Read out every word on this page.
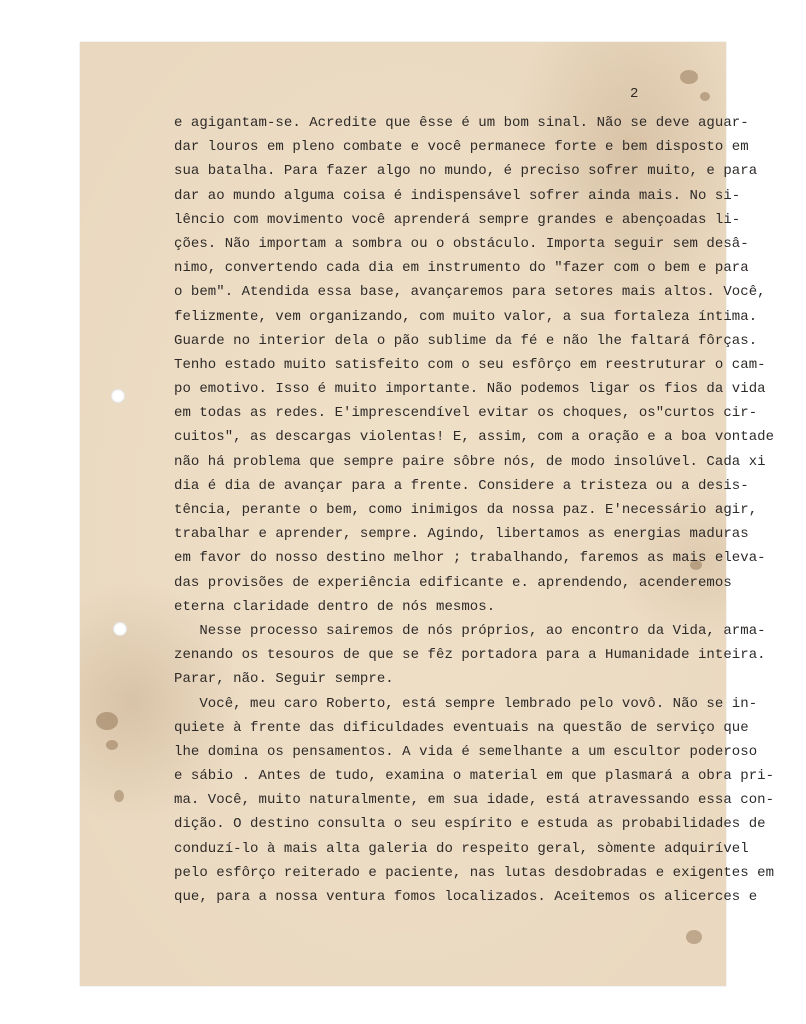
2
e agigantam-se. Acredite que êsse é um bom sinal. Não se deve aguar-
dar louros em pleno combate e você permanece forte e bem disposto em
sua batalha. Para fazer algo no mundo, é preciso sofrer muito, e para
dar ao mundo alguma coisa é indispensável sofrer ainda mais. No si-
lêncio com movimento você aprenderá sempre grandes e abençoadas li-
ções. Não importam a sombra ou o obstáculo. Importa seguir sem desâ-
nimo, convertendo cada dia em instrumento do "fazer com o bem e para
o bem". Atendida essa base, avançaremos para setores mais altos. Você,
felizmente, vem organizando, com muito valor, a sua fortaleza íntima.
Guarde no interior dela o pão sublime da fé e não lhe faltará fôrças.
Tenho estado muito satisfeito com o seu esfôrço em reestruturar o cam-
po emotivo. Isso é muito importante. Não podemos ligar os fios da vida
em todas as redes. E'imprescendível evitar os choques, os"curtos cir-
cuitos", as descargas violentas! E, assim, com a oração e a boa vontade
não há problema que sempre paire sôbre nós, de modo insolúvel. Cada xi
dia é dia de avançar para a frente. Considere a tristeza ou a desis-
tência, perante o bem, como inimigos da nossa paz. E'necessário agir,
trabalhar e aprender, sempre. Agindo, libertamos as energias maduras
em favor do nosso destino melhor ; trabalhando, faremos as mais eleva-
das provisões de experiência edificante e. aprendendo, acenderemos
eterna claridade dentro de nós mesmos.
Nesse processo sairemos de nós próprios, ao encontro da Vida, arma-
zenando os tesouros de que se fêz portadora para a Humanidade inteira.
Parar, não. Seguir sempre.
Você, meu caro Roberto, está sempre lembrado pelo vovô. Não se in-
quiete à frente das dificuldades eventuais na questão de serviço que
lhe domina os pensamentos. A vida é semelhante a um escultor poderoso
e sábio . Antes de tudo, examina o material em que plasmará a obra pri-
ma. Você, muito naturalmente, em sua idade, está atravessando essa con-
dição. O destino consulta o seu espírito e estuda as probabilidades de
conduzí-lo à mais alta galeria do respeito geral, sòmente adquirível
pelo esfôrço reiterado e paciente, nas lutas desdobradas e exigentes em
que, para a nossa ventura fomos localizados. Aceitemos os alicerces e
